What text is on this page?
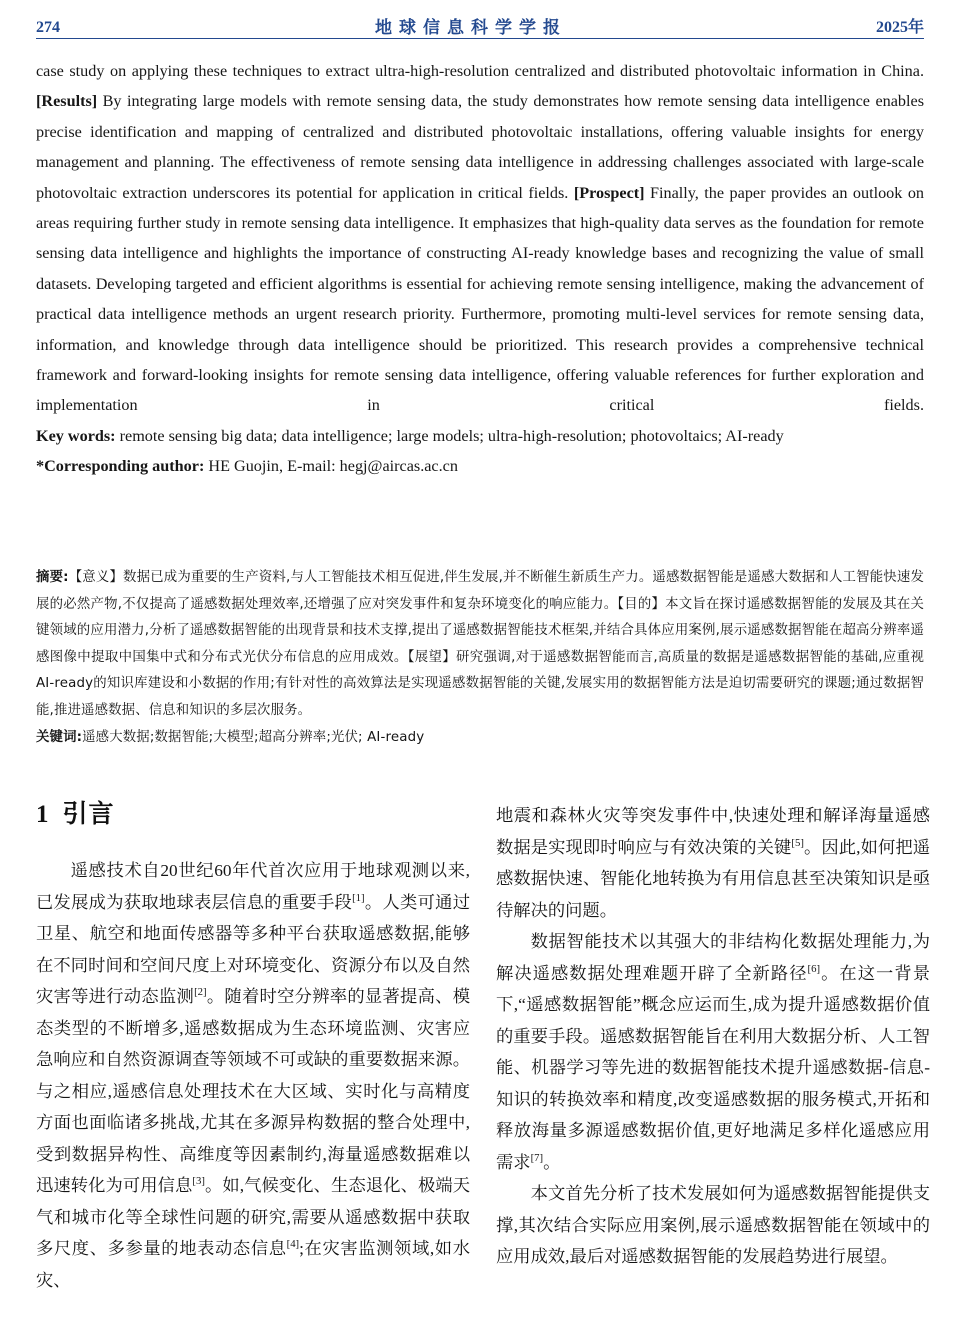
274	地球信息科学学报	2025年

case study on applying these techniques to extract ultra-high-resolution centralized and distributed photovoltaic information in China. [Results] By integrating large models with remote sensing data, the study demonstrates how remote sensing data intelligence enables precise identification and mapping of centralized and distributed photovoltaic installations, offering valuable insights for energy management and planning. The effectiveness of remote sensing data intelligence in addressing challenges associated with large-scale photovoltaic extraction underscores its potential for application in critical fields. [Prospect] Finally, the paper provides an outlook on areas requiring further study in remote sensing data intelligence. It emphasizes that high-quality data serves as the foundation for remote sensing data intelligence and highlights the importance of constructing AI-ready knowledge bases and recognizing the value of small datasets. Developing targeted and efficient algorithms is essential for achieving remote sensing intelligence, making the advancement of practical data intelligence methods an urgent research priority. Furthermore, promoting multi-level services for remote sensing data, information, and knowledge through data intelligence should be prioritized. This research provides a comprehensive technical framework and forward-looking insights for remote sensing data intelligence, offering valuable references for further exploration and implementation in critical fields.

Key words: remote sensing big data; data intelligence; large models; ultra-high-resolution; photovoltaics; AI-ready

*Corresponding author: HE Guojin, E-mail: hegj@aircas.ac.cn

摘要:【意义】数据已成为重要的生产资料,与人工智能技术相互促进,伴生发展,并不断催生新质生产力。遥感数据智能是遥感大数据和人工智能快速发展的必然产物,不仅提高了遥感数据处理效率,还增强了应对突发事件和复杂环境变化的响应能力。【目的】本文旨在探讨遥感数据智能的发展及其在关键领域的应用潜力,分析了遥感数据智能的出现背景和技术支撑,提出了遥感数据智能技术框架,并结合具体应用案例,展示遥感数据智能在超高分辨率遥感图像中提取中国集中式和分布式光伏分布信息的应用成效。【展望】研究强调,对于遥感数据智能而言,高质量的数据是遥感数据智能的基础,应重视AI-ready的知识库建设和小数据的作用;有针对性的高效算法是实现遥感数据智能的关键,发展实用的数据智能方法是迫切需要研究的课题;通过数据智能,推进遥感数据、信息和知识的多层次服务。

关键词:遥感大数据;数据智能;大模型;超高分辨率;光伏; AI-ready

1 引言

遥感技术自20世纪60年代首次应用于地球观测以来,已发展成为获取地球表层信息的重要手段[1]。人类可通过卫星、航空和地面传感器等多种平台获取遥感数据,能够在不同时间和空间尺度上对环境变化、资源分布以及自然灾害等进行动态监测[2]。随着时空分辨率的显著提高、模态类型的不断增多,遥感数据成为生态环境监测、灾害应急响应和自然资源调查等领域不可或缺的重要数据来源。与之相应,遥感信息处理技术在大区域、实时化与高精度方面也面临诸多挑战,尤其在多源异构数据的整合处理中,受到数据异构性、高维度等因素制约,海量遥感数据难以迅速转化为可用信息[3]。如,气候变化、生态退化、极端天气和城市化等全球性问题的研究,需要从遥感数据中获取多尺度、多参量的地表动态信息[4];在灾害监测领域,如水灾、

地震和森林火灾等突发事件中,快速处理和解译海量遥感数据是实现即时响应与有效决策的关键[5]。因此,如何把遥感数据快速、智能化地转换为有用信息甚至决策知识是亟待解决的问题。

数据智能技术以其强大的非结构化数据处理能力,为解决遥感数据处理难题开辟了全新路径[6]。在这一背景下,“遥感数据智能”概念应运而生,成为提升遥感数据价值的重要手段。遥感数据智能旨在利用大数据分析、人工智能、机器学习等先进的数据智能技术提升遥感数据-信息-知识的转换效率和精度,改变遥感数据的服务模式,开拓和释放海量多源遥感数据价值,更好地满足多样化遥感应用需求[7]。

本文首先分析了技术发展如何为遥感数据智能提供支撑,其次结合实际应用案例,展示遥感数据智能在领域中的应用成效,最后对遥感数据智能的发展趋势进行展望。
